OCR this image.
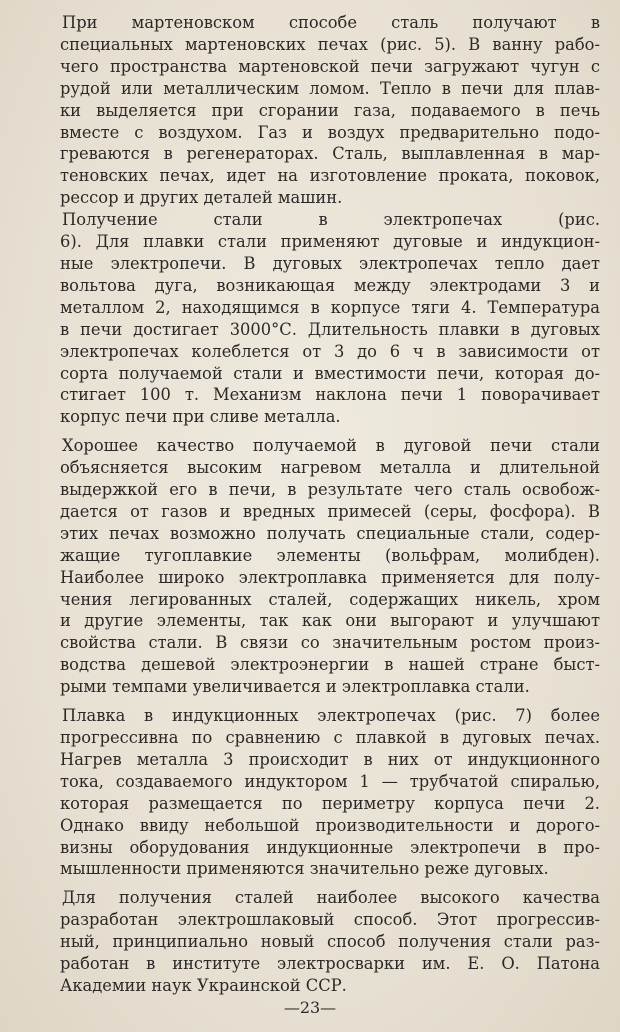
При мартеновском способе сталь получают в
специальных мартеновских печах (рис. 5). В ванну рабо-
чего пространства мартеновской печи загружают чугун с
рудой или металлическим ломом. Тепло в печи для плав-
ки выделяется при сгорании газа, подаваемого в печь
вместе с воздухом. Газ и воздух предварительно подо-
греваются в регенераторах. Сталь, выплавленная в мар-
теновских печах, идет на изготовление проката, поковок,
рессор и других деталей машин.
Получение стали в электропечах (рис.
6). Для плавки стали применяют дуговые и индукцион-
ные электропечи. В дуговых электропечах тепло дает
вольтова дуга, возникающая между электродами 3 и
металлом 2, находящимся в корпусе тяги 4. Температура
в печи достигает 3000°С. Длительность плавки в дуговых
электропечах колеблется от 3 до 6 ч в зависимости от
сорта получаемой стали и вместимости печи, которая до-
стигает 100 т. Механизм наклона печи 1 поворачивает
корпус печи при сливе металла.
Хорошее качество получаемой в дуговой печи стали
объясняется высоким нагревом металла и длительной
выдержкой его в печи, в результате чего сталь освобож-
дается от газов и вредных примесей (серы, фосфора). В
этих печах возможно получать специальные стали, содер-
жащие тугоплавкие элементы (вольфрам, молибден).
Наиболее широко электроплавка применяется для полу-
чения легированных сталей, содержащих никель, хром
и другие элементы, так как они выгорают и улучшают
свойства стали. В связи со значительным ростом произ-
водства дешевой электроэнергии в нашей стране быст-
рыми темпами увеличивается и электроплавка стали.
Плавка в индукционных электропечах (рис. 7) более
прогрессивна по сравнению с плавкой в дуговых печах.
Нагрев металла 3 происходит в них от индукционного
тока, создаваемого индуктором 1 — трубчатой спиралью,
которая размещается по периметру корпуса печи 2.
Однако ввиду небольшой производительности и дорого-
визны оборудования индукционные электропечи в про-
мышленности применяются значительно реже дуговых.
Для получения сталей наиболее высокого качества
разработан электрошлаковый способ. Этот прогрессив-
ный, принципиально новый способ получения стали раз-
работан в институте электросварки им. Е. О. Патона
Академии наук Украинской ССР.
—23—
